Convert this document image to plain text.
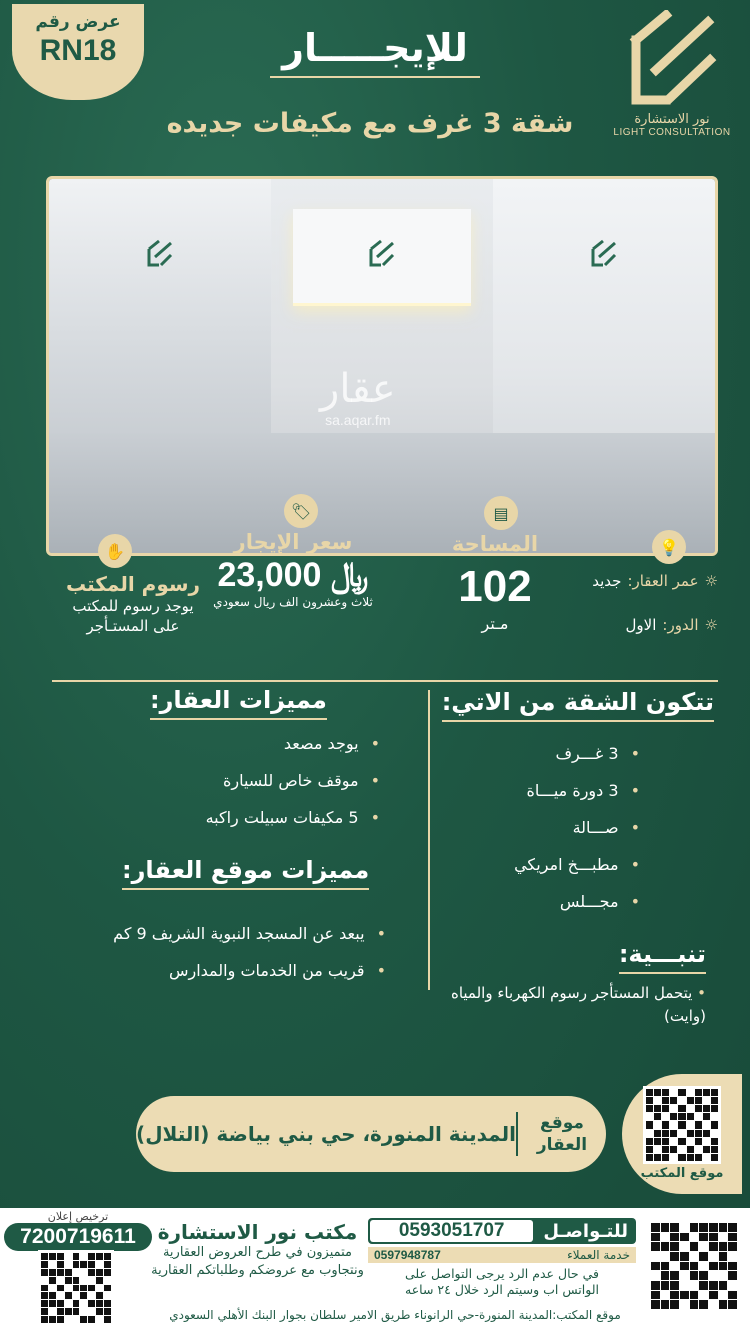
عرض رقم
RN18
نور الاستشارة
LIGHT CONSULTATION
للإيجـــــار
شقة 3 غرف مع مكيفات جديده
عقار
sa.aqar.fm
✋
🏷	▤
💡
رسوم المكتب
يوجد رسوم للمكتب
على المستـأجر
سعر الإيجار
23,000 ﷼
ثلاث وعشرون الف ريال سعودي
المساحة
102
مـتر
☼
عمر العقار:
جديد
☼
الدور:
الاول
تتكون الشقة من الاتي:
• 3 غـــرف
• 3 دورة ميـــاة
• صـــالة
• مطبـــخ امريكي
• مجـــلس
تنبـــية:
• يتحمل المستأجر رسوم الكهرباء والمياه (وايت)
مميزات العقار:
• يوجد مصعد
• موقف خاص للسيارة
• 5 مكيفات سبيلت راكبه
مميزات موقع العقار:
• يبعد عن المسجد النبوية الشريف 9 كم
• قريب من الخدمات والمدارس
موقع
العقار
المدينة المنورة، حي بني بياضة (التلال)
موقع المكتب
ترخيص إعلان
7200719611	مكتب نور الاستشارة
متميزون في طرح العروض العقارية
ونتجاوب مع عروضكم وطلباتكم العقارية
للتـواصـل
0593051707
خدمة العملاء
0597948787
في حال عدم الرد يرجى التواصل على
الواتس اب وسيتم الرد خلال ٢٤ ساعه
موقع المكتب:المدينة المنورة-حي الرانوناء طريق الامير سلطان بجوار البنك الأهلي السعودي
